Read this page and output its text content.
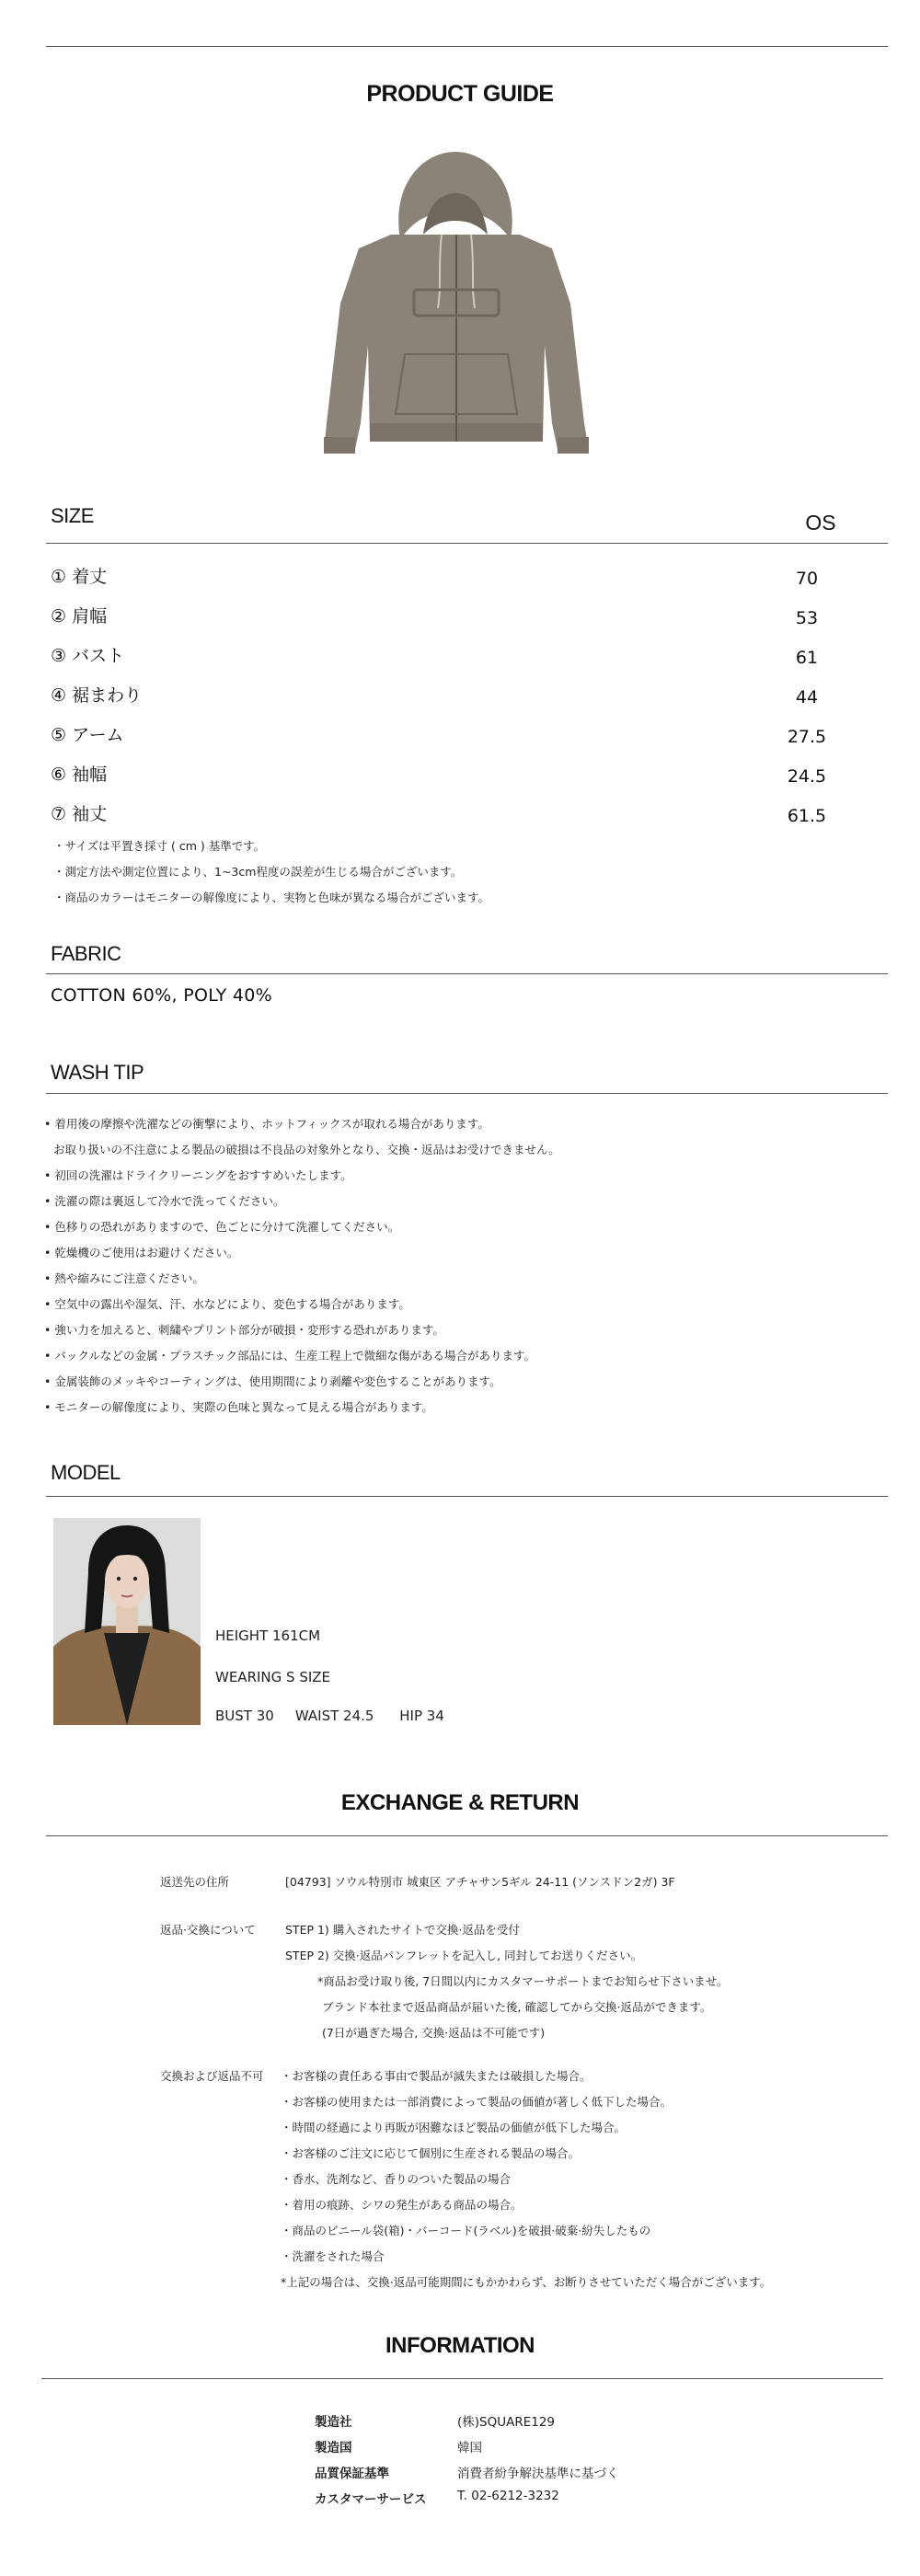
PRODUCT GUIDE
SIZE	OS
① 着丈	70
② 肩幅	53
③ バスト	61
④ 裾まわり	44
⑤ アーム	27.5
⑥ 袖幅	24.5
⑦ 袖丈	61.5
・サイズは平置き採寸 ( cm ) 基準です。
・測定方法や測定位置により、1~3cm程度の誤差が生じる場合がございます。
・商品のカラーはモニターの解像度により、実物と色味が異なる場合がございます。
FABRIC
COTTON 60%, POLY 40%
WASH TIP
• 着用後の摩擦や洗濯などの衝撃により、ホットフィックスが取れる場合があります。
お取り扱いの不注意による製品の破損は不良品の対象外となり、交換・返品はお受けできません。
• 初回の洗濯はドライクリーニングをおすすめいたします。
• 洗濯の際は裏返して冷水で洗ってください。
• 色移りの恐れがありますので、色ごとに分けて洗濯してください。
• 乾燥機のご使用はお避けください。
• 熱や縮みにご注意ください。
• 空気中の露出や湿気、汗、水などにより、変色する場合があります。
• 強い力を加えると、刺繍やプリント部分が破損・変形する恐れがあります。
• バックルなどの金属・プラスチック部品には、生産工程上で微細な傷がある場合があります。
• 金属装飾のメッキやコーティングは、使用期間により剥離や変色することがあります。
• モニターの解像度により、実際の色味と異なって見える場合があります。
MODEL
HEIGHT 161CM
WEARING S SIZE
BUST 30 WAIST 24.5 HIP 34
EXCHANGE & RETURN
返送先の住所	[04793] ソウル特別市 城東区 アチャサン5ギル 24-11 (ソンスドン2ガ) 3F
返品·交換について	STEP 1) 購入されたサイトで交換·返品を受付
STEP 2) 交換·返品パンフレットを記入し, 同封してお送りください。
*商品お受け取り後, 7日間以内にカスタマーサポートまでお知らせ下さいませ。
ブランド本社まで返品商品が届いた後, 確認してから交換·返品ができます。
(7日が過ぎた場合, 交換·返品は不可能です)
交換および返品不可 ・お客様の責任ある事由で製品が滅失または破損した場合。
・お客様の使用または一部消費によって製品の価値が著しく低下した場合。
・時間の経過により再販が困難なほど製品の価値が低下した場合。
・お客様のご注文に応じて個別に生産される製品の場合。
・香水、洗剤など、香りのついた製品の場合
・着用の痕跡、シワの発生がある商品の場合。
・商品のビニール袋(箱)・バーコード(ラベル)を破損·破棄·紛失したもの
・洗濯をされた場合
*上記の場合は、交換·返品可能期間にもかかわらず、お断りさせていただく場合がございます。
INFORMATION
製造社	(株)SQUARE129
製造国	韓国
品質保証基準	消費者紛争解決基準に基づく
カスタマーサービス T. 02-6212-3232
